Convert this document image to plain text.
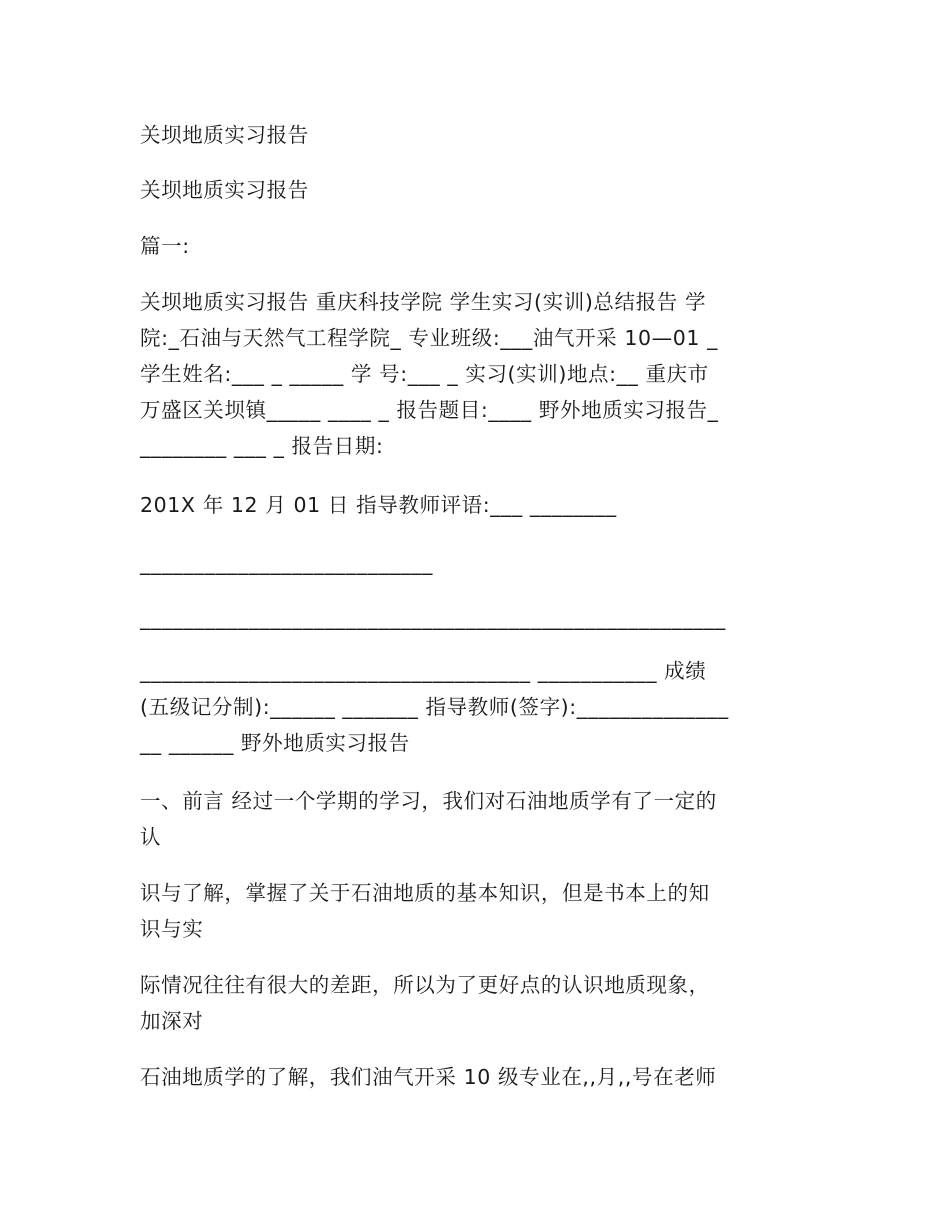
关坝地质实习报告

关坝地质实习报告

篇一:

关坝地质实习报告 重庆科技学院 学生实习(实训)总结报告 学
院:_石油与天然气工程学院_ 专业班级:___油气开采 10—01 _
学生姓名:___ _ _____ 学 号:___ _ 实习(实训)地点:__ 重庆市
万盛区关坝镇_____ ____ _ 报告题目:____ 野外地质实习报告_
________ ___ _ 报告日期:

201X 年 12 月 01 日 指导教师评语:___ ________

___________________________

______________________________________________________

____________________________________ ___________ 成绩
(五级记分制):______ _______ 指导教师(签字):______________
__ ______ 野外地质实习报告

一、前言 经过一个学期的学习，我们对石油地质学有了一定的
认

识与了解，掌握了关于石油地质的基本知识，但是书本上的知
识与实

际情况往往有很大的差距，所以为了更好点的认识地质现象，
加深对

石油地质学的了解，我们油气开采 10 级专业在,,月,,号在老师
